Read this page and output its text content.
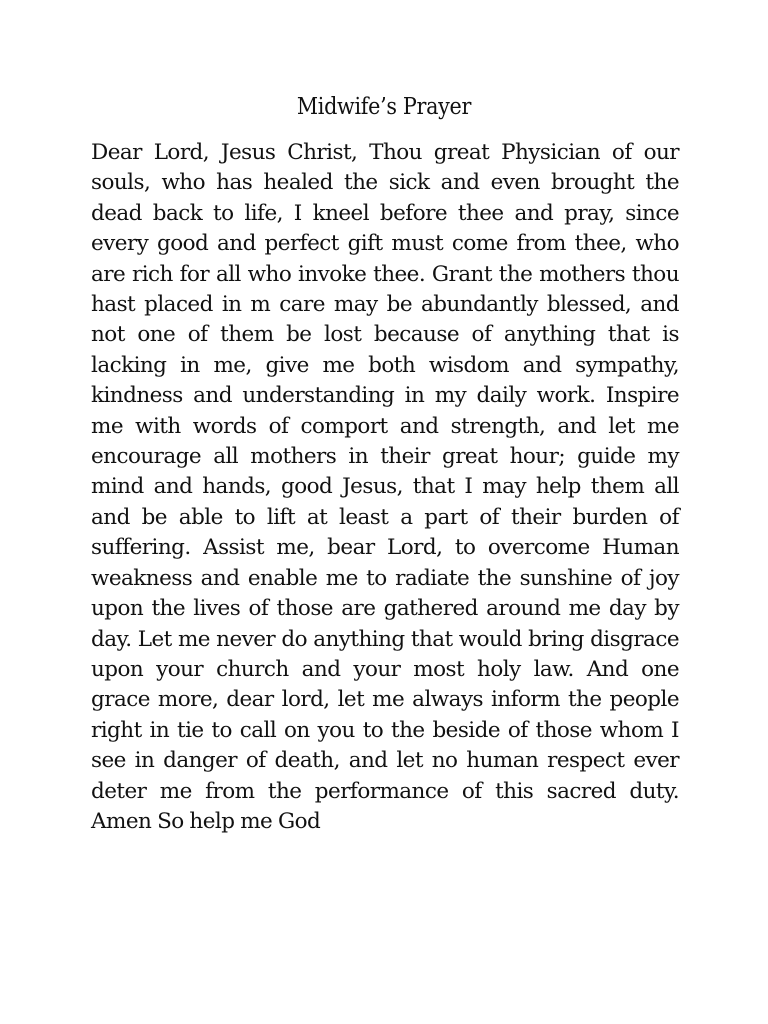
Midwife’s Prayer

Dear Lord, Jesus Christ, Thou great Physician of our souls, who has healed the sick and even brought the dead back to life, I kneel before thee and pray, since every good and perfect gift must come from thee, who are rich for all who invoke thee. Grant the mothers thou hast placed in m care may be abundantly blessed, and not one of them be lost because of anything that is lacking in me, give me both wisdom and sympathy, kindness and understanding in my daily work. Inspire me with words of comport and strength, and let me encourage all mothers in their great hour; guide my mind and hands, good Jesus, that I may help them all and be able to lift at least a part of their burden of suffering. Assist me, bear Lord, to overcome Human weakness and enable me to radiate the sunshine of joy upon the lives of those are gathered around me day by day. Let me never do anything that would bring disgrace upon your church and your most holy law. And one grace more, dear lord, let me always inform the people right in tie to call on you to the beside of those whom I see in danger of death, and let no human respect ever deter me from the performance of this sacred duty. Amen So help me God
